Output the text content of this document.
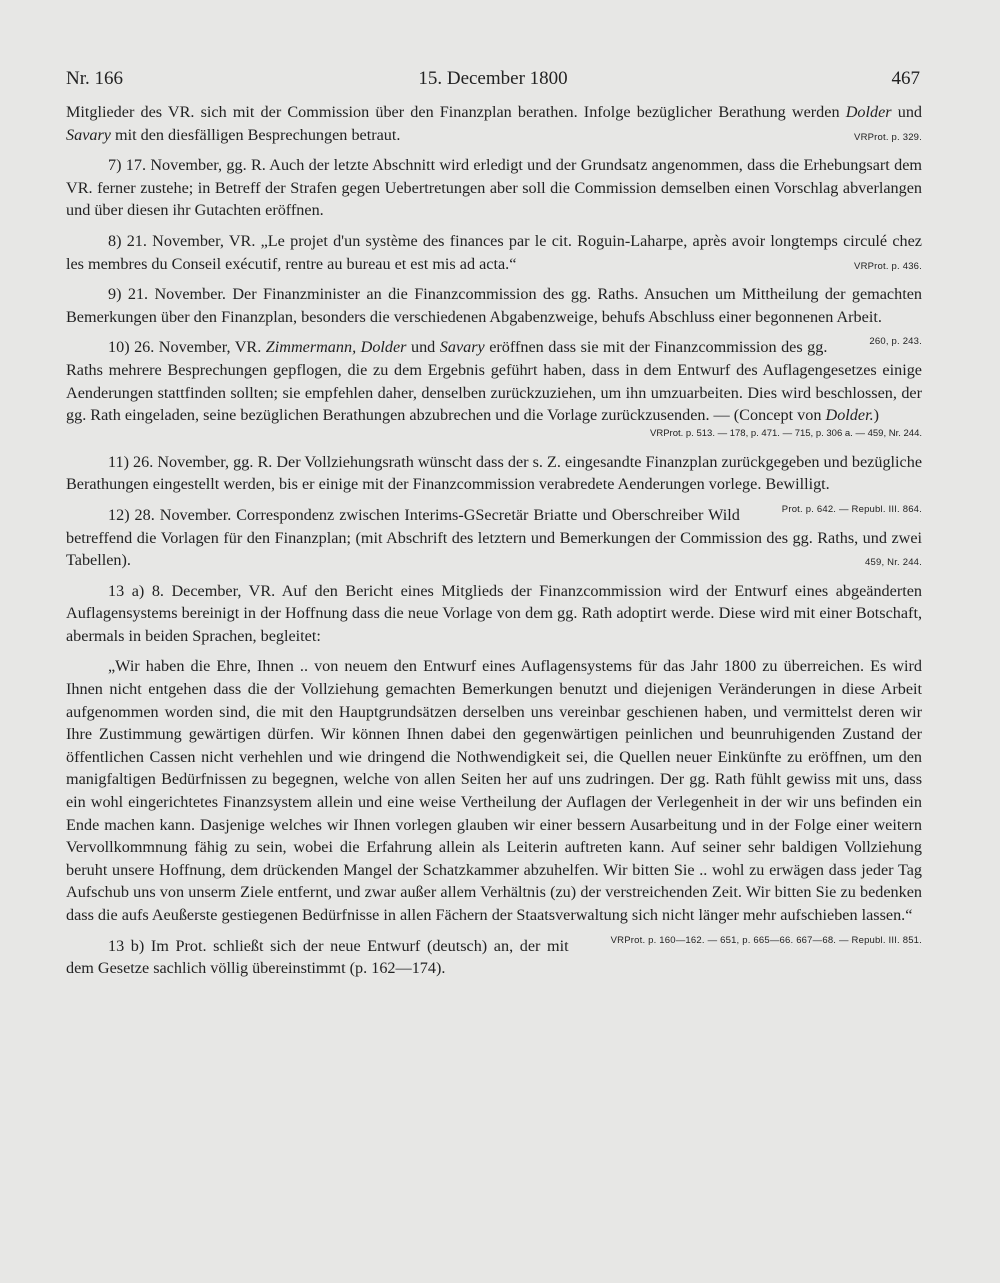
Nr. 166	15. December 1800	467

Mitglieder des VR. sich mit der Commission über den Finanzplan berathen. Infolge bezüglicher Berathung werden Dolder und Savary mit den diesfälligen Besprechungen betraut.	VRProt. p. 329.

7) 17. November, gg. R. Auch der letzte Abschnitt wird erledigt und der Grundsatz angenommen, dass die Erhebungsart dem VR. ferner zustehe; in Betreff der Strafen gegen Uebertretungen aber soll die Commission demselben einen Vorschlag abverlangen und über diesen ihr Gutachten eröffnen.

8) 21. November, VR. „Le projet d'un système des finances par le cit. Roguin-Laharpe, après avoir longtemps circulé chez les membres du Conseil exécutif, rentre au bureau et est mis ad acta.“	VRProt. p. 436.

9) 21. November. Der Finanzminister an die Finanzcommission des gg. Raths. Ansuchen um Mittheilung der gemachten Bemerkungen über den Finanzplan, besonders die verschiedenen Abgabenzweige, behufs Abschluss einer begonnenen Arbeit.
260, p. 243.

10) 26. November, VR. Zimmermann, Dolder und Savary eröffnen dass sie mit der Finanzcommission des gg. Raths mehrere Besprechungen gepflogen, die zu dem Ergebnis geführt haben, dass in dem Entwurf des Auflagengesetzes einige Aenderungen stattfinden sollten; sie empfehlen daher, denselben zurückzuziehen, um ihn umzuarbeiten. Dies wird beschlossen, der gg. Rath eingeladen, seine bezüglichen Berathungen abzubrechen und die Vorlage zurückzusenden. — (Concept von Dolder.)

VRProt. p. 513. — 178, p. 471. — 715, p. 306 a. — 459, Nr. 244.

11) 26. November, gg. R. Der Vollziehungsrath wünscht dass der s. Z. eingesandte Finanzplan zurückgegeben und bezügliche Berathungen eingestellt werden, bis er einige mit der Finanzcommission verabredete Aenderungen vorlege. Bewilligt.
Prot. p. 642. — Republ. III. 864.

12) 28. November. Correspondenz zwischen Interims-GSecretär Briatte und Oberschreiber Wild betreffend die Vorlagen für den Finanzplan; (mit Abschrift des letztern und Bemerkungen der Commission des gg. Raths, und zwei Tabellen).	459, Nr. 244.

13 a) 8. December, VR. Auf den Bericht eines Mitglieds der Finanzcommission wird der Entwurf eines abgeänderten Auflagensystems bereinigt in der Hoffnung dass die neue Vorlage von dem gg. Rath adoptirt werde. Diese wird mit einer Botschaft, abermals in beiden Sprachen, begleitet:

„Wir haben die Ehre, Ihnen .. von neuem den Entwurf eines Auflagensystems für das Jahr 1800 zu überreichen. Es wird Ihnen nicht entgehen dass die der Vollziehung gemachten Bemerkungen benutzt und diejenigen Veränderungen in diese Arbeit aufgenommen worden sind, die mit den Hauptgrundsätzen derselben uns vereinbar geschienen haben, und vermittelst deren wir Ihre Zustimmung gewärtigen dürfen. Wir können Ihnen dabei den gegenwärtigen peinlichen und beunruhigenden Zustand der öffentlichen Cassen nicht verhehlen und wie dringend die Nothwendigkeit sei, die Quellen neuer Einkünfte zu eröffnen, um den manigfaltigen Bedürfnissen zu begegnen, welche von allen Seiten her auf uns zudringen. Der gg. Rath fühlt gewiss mit uns, dass ein wohl eingerichtetes Finanzsystem allein und eine weise Vertheilung der Auflagen der Verlegenheit in der wir uns befinden ein Ende machen kann. Dasjenige welches wir Ihnen vorlegen glauben wir einer bessern Ausarbeitung und in der Folge einer weitern Vervollkommnung fähig zu sein, wobei die Erfahrung allein als Leiterin auftreten kann. Auf seiner sehr baldigen Vollziehung beruht unsere Hoffnung, dem drückenden Mangel der Schatzkammer abzuhelfen. Wir bitten Sie .. wohl zu erwägen dass jeder Tag Aufschub uns von unserm Ziele entfernt, und zwar außer allem Verhältnis (zu) der verstreichenden Zeit. Wir bitten Sie zu bedenken dass die aufs Aeußerste gestiegenen Bedürfnisse in allen Fächern der Staatsverwaltung sich nicht länger mehr aufschieben lassen.“
VRProt. p. 160—162. — 651, p. 665—66. 667—68. — Republ. III. 851.

13 b) Im Prot. schließt sich der neue Entwurf (deutsch) an, der mit dem Gesetze sachlich völlig übereinstimmt (p. 162—174).
